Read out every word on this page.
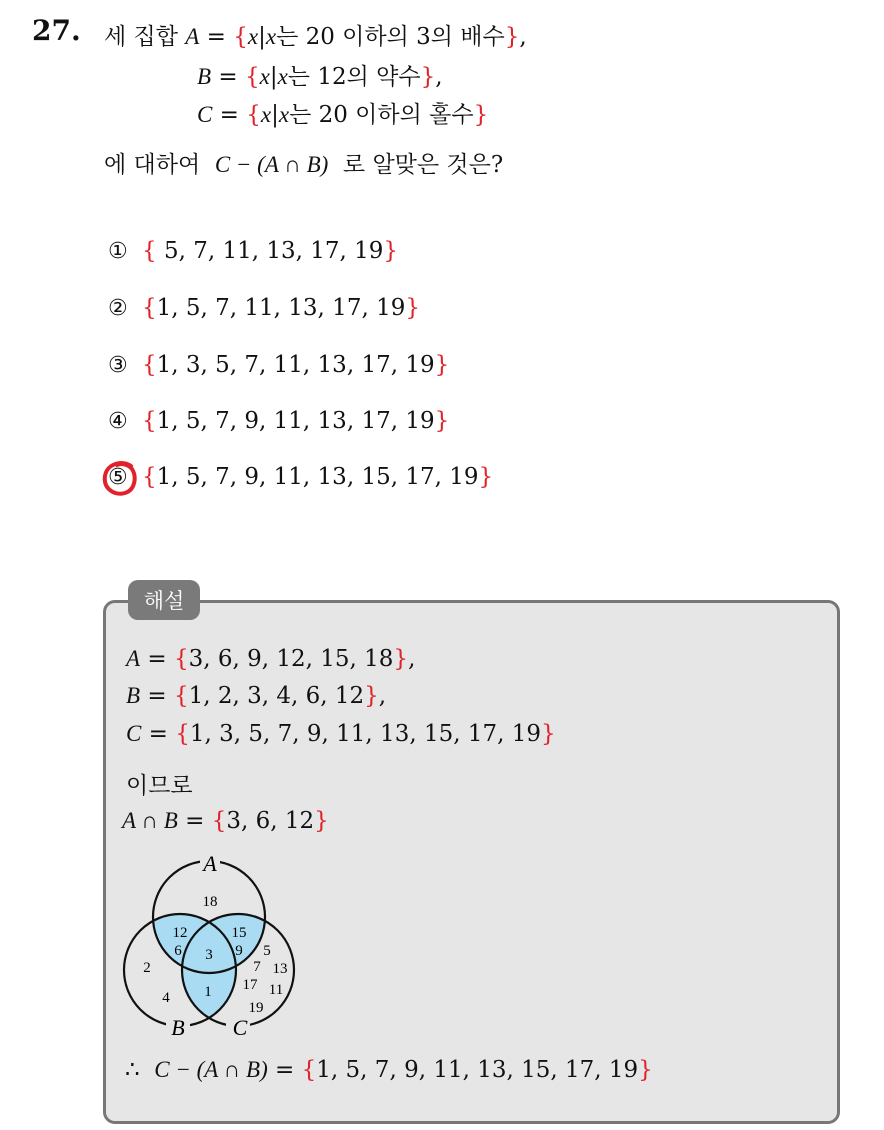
27. 세 집합 A = {x|x는 20 이하의 3의 배수},
B = {x|x는 12의 약수},
C = {x|x는 20 이하의 홀수}
에 대하여 C − (A ∩ B) 로 알맞은 것은?
① { 5, 7, 11, 13, 17, 19}
② {1, 5, 7, 11, 13, 17, 19}
③ {1, 3, 5, 7, 11, 13, 17, 19}
④ {1, 5, 7, 9, 11, 13, 17, 19}
⑤ {1, 5, 7, 9, 11, 13, 15, 17, 19}
해설
A = {3, 6, 9, 12, 15, 18},
B = {1, 2, 3, 4, 6, 12},
C = {1, 3, 5, 7, 9, 11, 13, 15, 17, 19}
이므로
A ∩ B = {3, 6, 12}
A
B C
18
12
6
15
9
3
1
2
4
5
7 13
17 11
19
∴ C − (A ∩ B) = {1, 5, 7, 9, 11, 13, 15, 17, 19}
